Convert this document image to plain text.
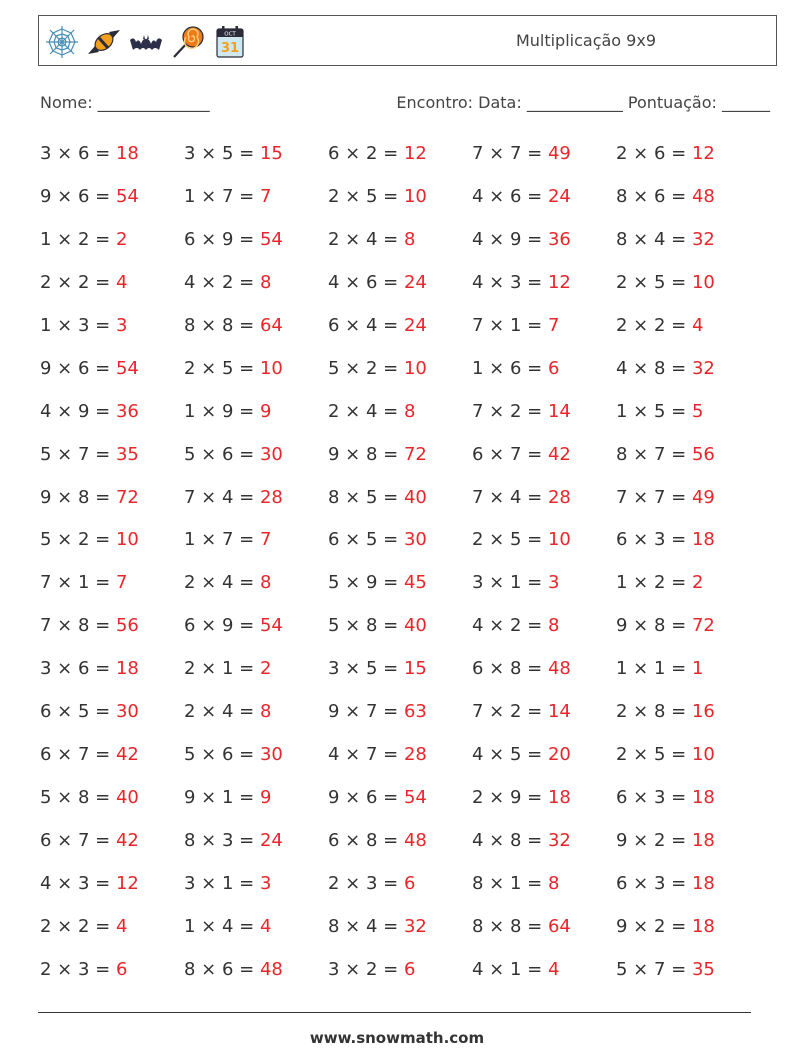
OCT
31	Multiplicação 9x9
Nome: ______________	Encontro: Data: ____________ Pontuação: ______
3 × 6 = 18	3 × 5 = 15	6 × 2 = 12	7 × 7 = 49	2 × 6 = 12
9 × 6 = 54	1 × 7 = 7	2 × 5 = 10	4 × 6 = 24	8 × 6 = 48
1 × 2 = 2	6 × 9 = 54	2 × 4 = 8	4 × 9 = 36	8 × 4 = 32
2 × 2 = 4	4 × 2 = 8	4 × 6 = 24	4 × 3 = 12	2 × 5 = 10
1 × 3 = 3	8 × 8 = 64	6 × 4 = 24	7 × 1 = 7	2 × 2 = 4
9 × 6 = 54	2 × 5 = 10	5 × 2 = 10	1 × 6 = 6	4 × 8 = 32
4 × 9 = 36	1 × 9 = 9	2 × 4 = 8	7 × 2 = 14	1 × 5 = 5
5 × 7 = 35	5 × 6 = 30	9 × 8 = 72	6 × 7 = 42	8 × 7 = 56
9 × 8 = 72	7 × 4 = 28	8 × 5 = 40	7 × 4 = 28	7 × 7 = 49
5 × 2 = 10	1 × 7 = 7	6 × 5 = 30	2 × 5 = 10	6 × 3 = 18
7 × 1 = 7	2 × 4 = 8	5 × 9 = 45	3 × 1 = 3	1 × 2 = 2
7 × 8 = 56	6 × 9 = 54	5 × 8 = 40	4 × 2 = 8	9 × 8 = 72
3 × 6 = 18	2 × 1 = 2	3 × 5 = 15	6 × 8 = 48	1 × 1 = 1
6 × 5 = 30	2 × 4 = 8	9 × 7 = 63	7 × 2 = 14	2 × 8 = 16
6 × 7 = 42	5 × 6 = 30	4 × 7 = 28	4 × 5 = 20	2 × 5 = 10
5 × 8 = 40	9 × 1 = 9	9 × 6 = 54	2 × 9 = 18	6 × 3 = 18
6 × 7 = 42	8 × 3 = 24	6 × 8 = 48	4 × 8 = 32	9 × 2 = 18
4 × 3 = 12	3 × 1 = 3	2 × 3 = 6	8 × 1 = 8	6 × 3 = 18
2 × 2 = 4	1 × 4 = 4	8 × 4 = 32	8 × 8 = 64	9 × 2 = 18
2 × 3 = 6	8 × 6 = 48	3 × 2 = 6	4 × 1 = 4	5 × 7 = 35
www.snowmath.com
